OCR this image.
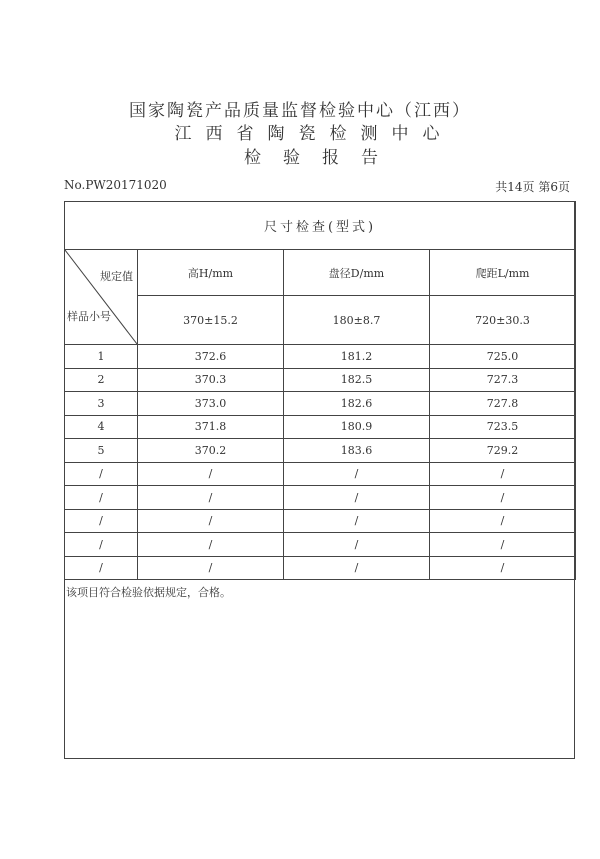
国家陶瓷产品质量监督检验中心（江西）
江西省陶瓷检测中心
检验报告
No.PW20171020	共14页 第6页
尺寸检查(型式)			

规定值
样品小号	高H/mm	盘径D/mm	爬距L/mm
	370±15.2	180±8.7	720±30.3
1	372.6	181.2	725.0
2	370.3	182.5	727.3
3	373.0	182.6	727.8
4	371.8	180.9	723.5
5	370.2	183.6	729.2
/	/	/	/
/	/	/	/
/	/	/	/
/	/	/	/
/	/	/	/
该项目符合检验依据规定，合格。
